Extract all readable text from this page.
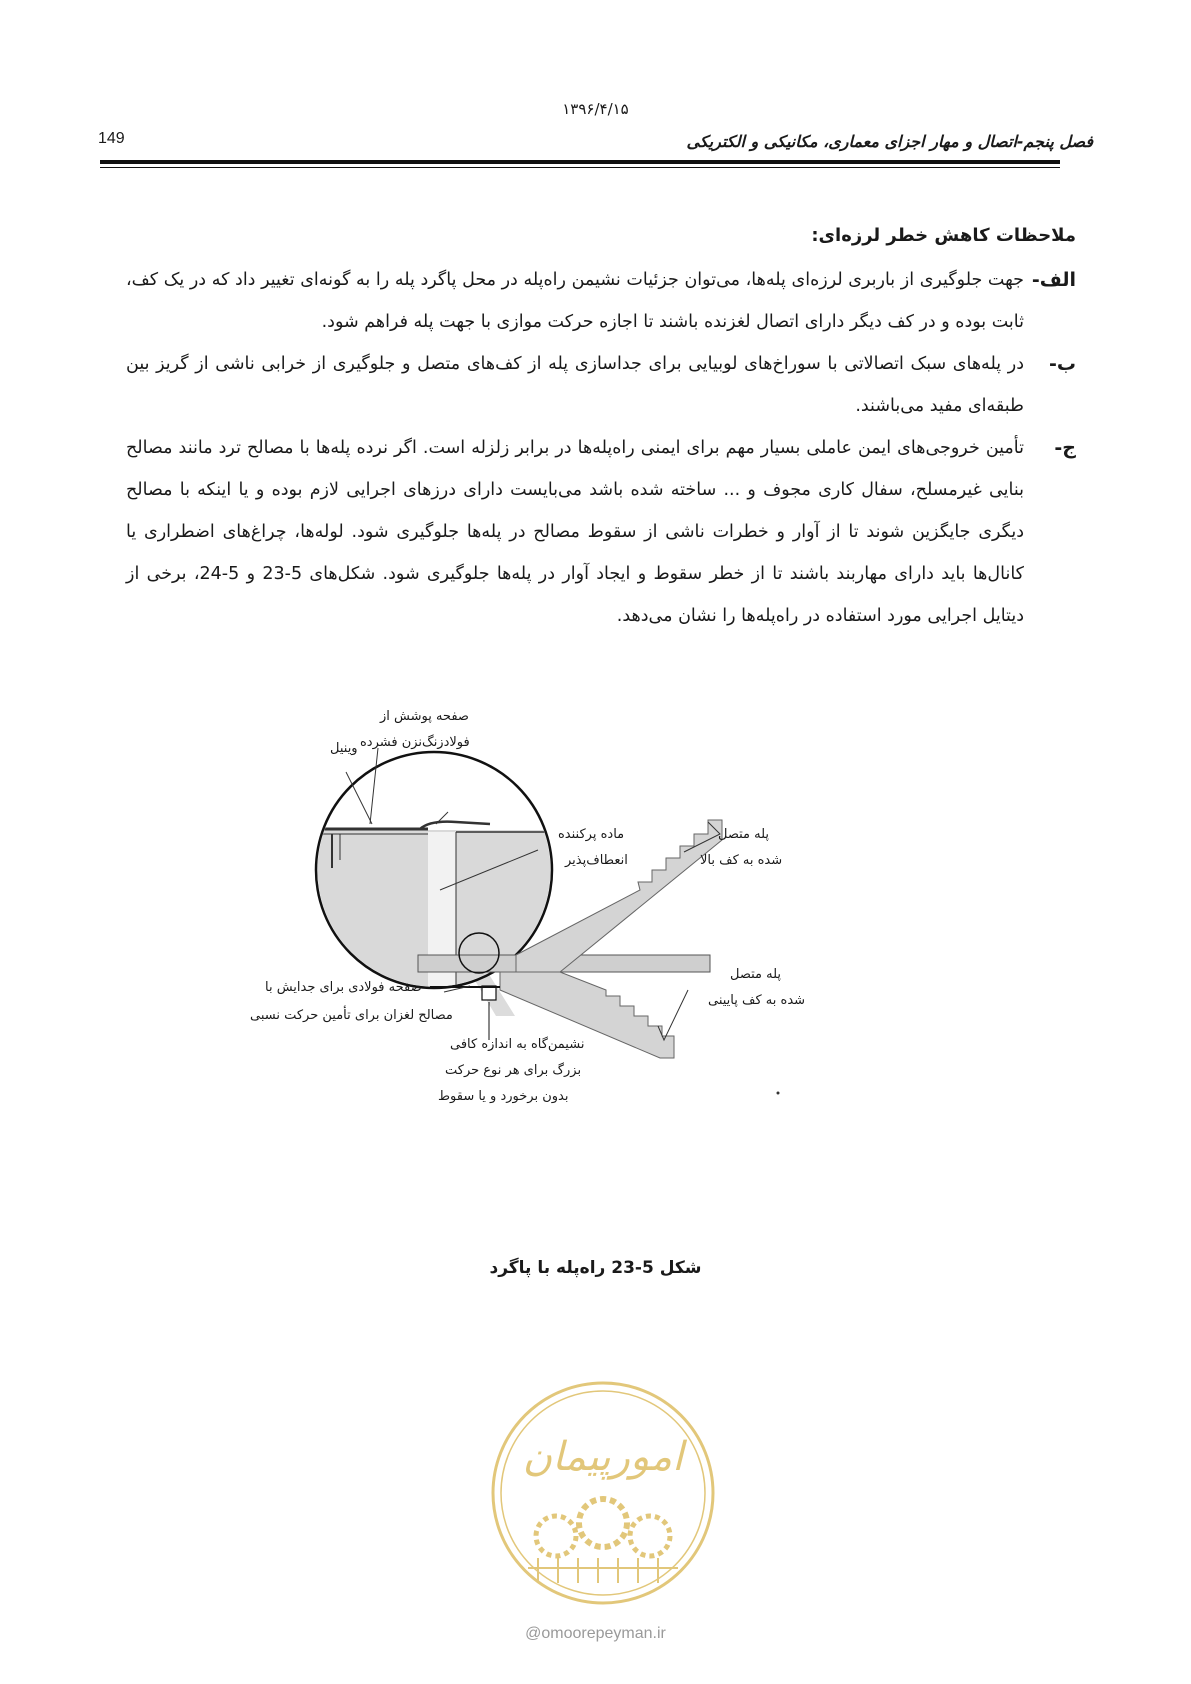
۱۳۹۶/۴/۱۵
149	فصل پنجم-اتصال و مهار اجزای معماری، مکانیکی و الکتریکی
ملاحظات کاهش خطر لرزه‌ای:
الف-

جهت جلوگیری از باربری لرزه‌ای پله‌ها، می‌توان جزئیات نشیمن راه‌پله در محل پاگرد پله را به گونه‌ای تغییر داد که در یک کف، ثابت بوده و در کف دیگر دارای اتصال لغزنده باشند تا اجازه حرکت موازی با جهت پله فراهم شود.

ب-

در پله‌های سبک اتصالاتی با سوراخ‌های لوبیایی برای جداسازی پله از کف‌های متصل و جلوگیری از خرابی ناشی از گریز بین طبقه‌ای مفید می‌باشند.

ج-

تأمین خروجی‌های ایمن عاملی بسیار مهم برای ایمنی راه‌پله‌ها در برابر زلزله است. اگر نرده پله‌ها با مصالح ترد مانند مصالح بنایی غیرمسلح، سفال کاری مجوف و ... ساخته شده باشد می‌بایست دارای درزهای اجرایی لازم بوده و یا اینکه با مصالح دیگری جایگزین شوند تا از آوار و خطرات ناشی از سقوط مصالح در پله‌ها جلوگیری شود. لوله‌ها، چراغ‌های اضطراری یا کانال‌ها باید دارای مهاربند باشند تا از خطر سقوط و ایجاد آوار در پله‌ها جلوگیری شود. شکل‌های 5-23 و 5-24، برخی از دیتایل اجرایی مورد استفاده در راه‌پله‌ها را نشان می‌دهد.

صفحه پوشش از
فولادزنگ‌نزن فشرده
وینیل
ماده پرکننده
انعطاف‌پذیر
پله متصل
شده به کف بالا
پله متصل
شده به کف پایینی
صفحه فولادی برای جدایش با
مصالح لغزان برای تأمین حرکت نسبی
نشیمن‌گاه به اندازه کافی
بزرگ برای هر نوع حرکت
بدون برخورد و یا سقوط
شکل 5-23 راه‌پله با پاگرد
امورپیمان
@omoorepeyman.ir
